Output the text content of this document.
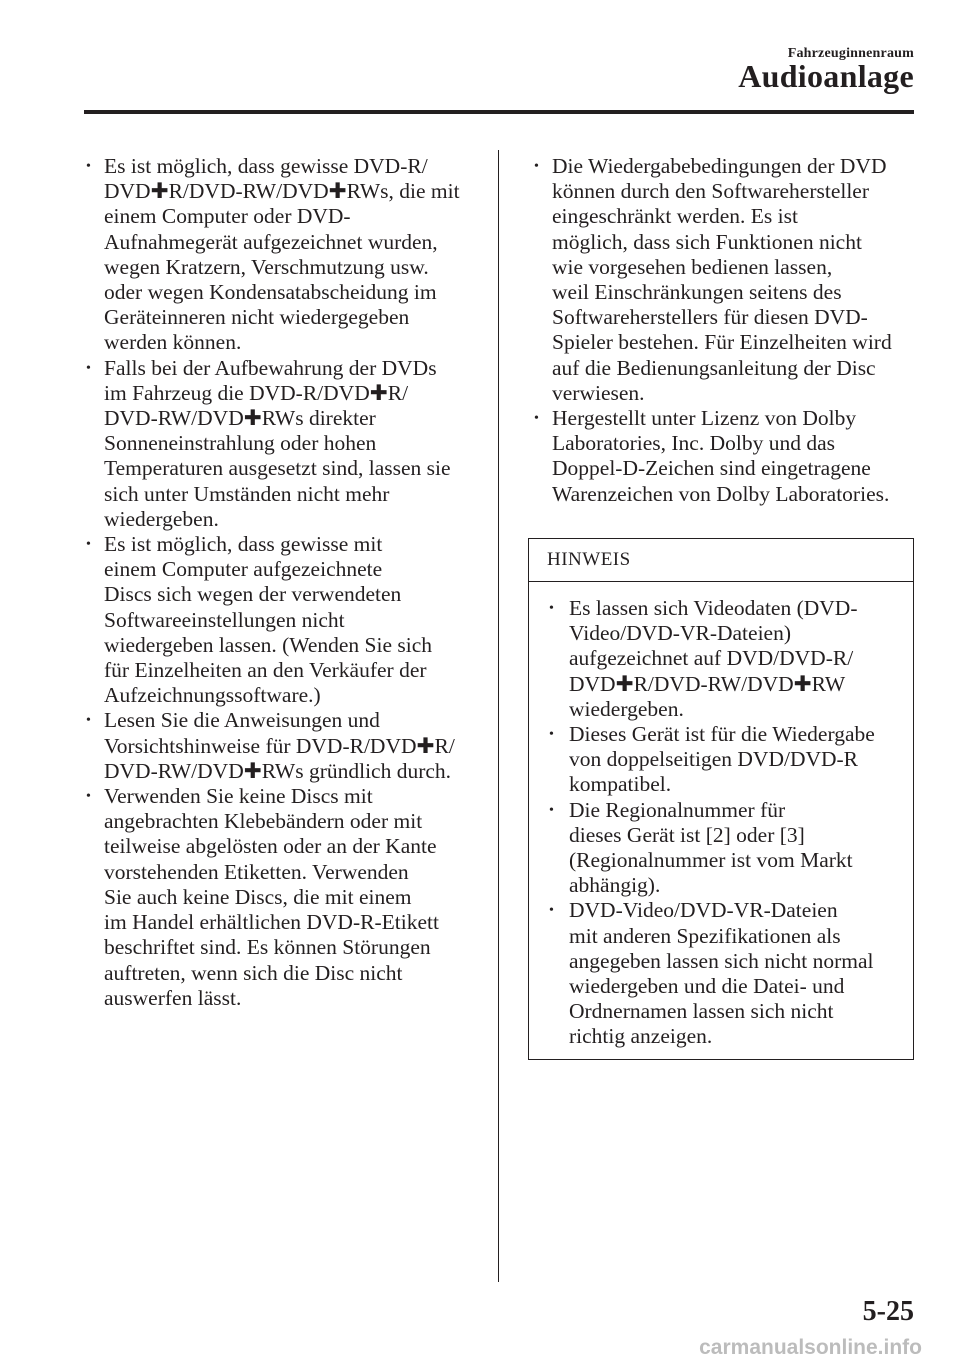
Fahrzeuginnenraum
Audioanlage
• Es ist möglich, dass gewisse DVD-R/
DVD✚R/DVD-RW/DVD✚RWs, die mit
einem Computer oder DVD-
Aufnahmegerät aufgezeichnet wurden,
wegen Kratzern, Verschmutzung usw.
oder wegen Kondensatabscheidung im
Geräteinneren nicht wiedergegeben
werden können.
• Falls bei der Aufbewahrung der DVDs
im Fahrzeug die DVD-R/DVD✚R/
DVD-RW/DVD✚RWs direkter
Sonneneinstrahlung oder hohen
Temperaturen ausgesetzt sind, lassen sie
sich unter Umständen nicht mehr
wiedergeben.
• Es ist möglich, dass gewisse mit
einem Computer aufgezeichnete
Discs sich wegen der verwendeten
Softwareeinstellungen nicht
wiedergeben lassen. (Wenden Sie sich
für Einzelheiten an den Verkäufer der
Aufzeichnungssoftware.)
• Lesen Sie die Anweisungen und
Vorsichtshinweise für DVD-R/DVD✚R/
DVD-RW/DVD✚RWs gründlich durch.
• Verwenden Sie keine Discs mit
angebrachten Klebebändern oder mit
teilweise abgelösten oder an der Kante
vorstehenden Etiketten. Verwenden
Sie auch keine Discs, die mit einem
im Handel erhältlichen DVD-R-Etikett
beschriftet sind. Es können Störungen
auftreten, wenn sich die Disc nicht
auswerfen lässt.
• Die Wiedergabebedingungen der DVD
können durch den Softwarehersteller
eingeschränkt werden. Es ist
möglich, dass sich Funktionen nicht
wie vorgesehen bedienen lassen,
weil Einschränkungen seitens des
Softwareherstellers für diesen DVD-
Spieler bestehen. Für Einzelheiten wird
auf die Bedienungsanleitung der Disc
verwiesen.
• Hergestellt unter Lizenz von Dolby
Laboratories, Inc. Dolby und das
Doppel-D-Zeichen sind eingetragene
Warenzeichen von Dolby Laboratories.
HINWEIS
• Es lassen sich Videodaten (DVD-
Video/DVD-VR-Dateien)
aufgezeichnet auf DVD/DVD-R/
DVD✚R/DVD-RW/DVD✚RW
wiedergeben.
• Dieses Gerät ist für die Wiedergabe
von doppelseitigen DVD/DVD-R
kompatibel.
• Die Regionalnummer für
dieses Gerät ist [2] oder [3]
(Regionalnummer ist vom Markt
abhängig).
• DVD-Video/DVD-VR-Dateien
mit anderen Spezifikationen als
angegeben lassen sich nicht normal
wiedergeben und die Datei- und
Ordnernamen lassen sich nicht
richtig anzeigen.
5-25
carmanualsonline.info
